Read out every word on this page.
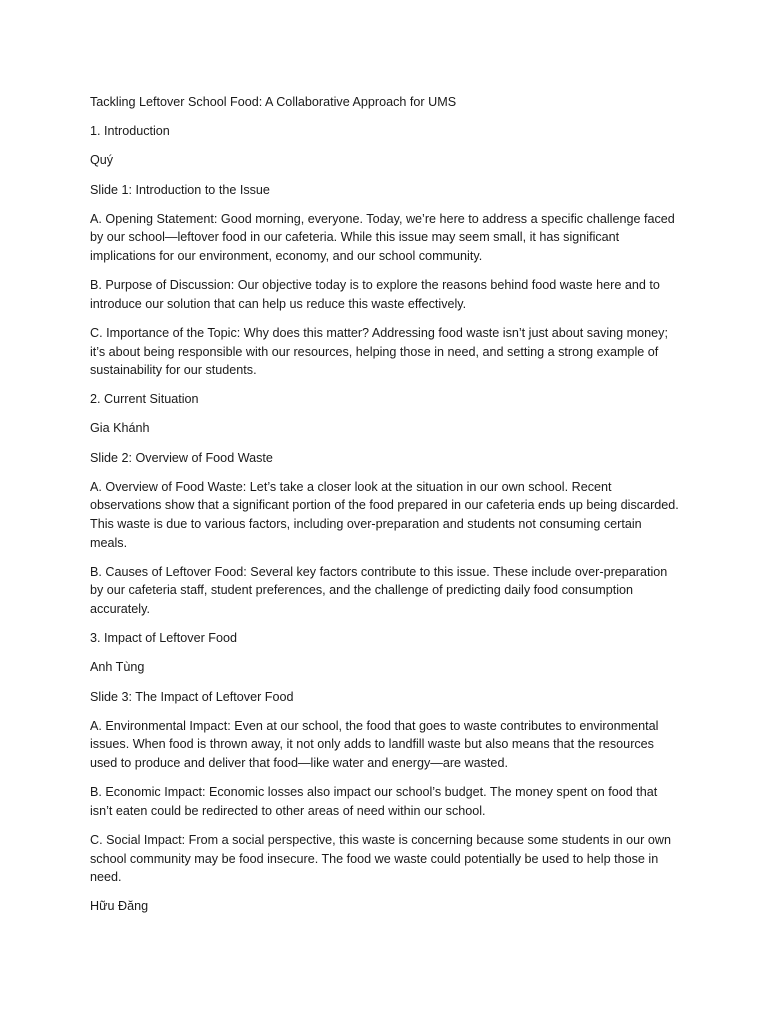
Tackling Leftover School Food: A Collaborative Approach for UMS

1. Introduction

Quý

Slide 1: Introduction to the Issue

A. Opening Statement: Good morning, everyone. Today, we’re here to address a specific challenge faced by our school—leftover food in our cafeteria. While this issue may seem small, it has significant implications for our environment, economy, and our school community.

B. Purpose of Discussion: Our objective today is to explore the reasons behind food waste here and to introduce our solution that can help us reduce this waste effectively.

C. Importance of the Topic: Why does this matter? Addressing food waste isn’t just about saving money; it’s about being responsible with our resources, helping those in need, and setting a strong example of sustainability for our students.

2. Current Situation

Gia Khánh

Slide 2: Overview of Food Waste

A. Overview of Food Waste: Let’s take a closer look at the situation in our own school. Recent observations show that a significant portion of the food prepared in our cafeteria ends up being discarded. This waste is due to various factors, including over-preparation and students not consuming certain meals.

B. Causes of Leftover Food: Several key factors contribute to this issue. These include over-preparation by our cafeteria staff, student preferences, and the challenge of predicting daily food consumption accurately.

3. Impact of Leftover Food

Anh Tùng

Slide 3: The Impact of Leftover Food

A. Environmental Impact: Even at our school, the food that goes to waste contributes to environmental issues. When food is thrown away, it not only adds to landfill waste but also means that the resources used to produce and deliver that food—like water and energy—are wasted.

B. Economic Impact: Economic losses also impact our school’s budget. The money spent on food that isn’t eaten could be redirected to other areas of need within our school.

C. Social Impact: From a social perspective, this waste is concerning because some students in our own school community may be food insecure. The food we waste could potentially be used to help those in need.

Hữu Đăng
